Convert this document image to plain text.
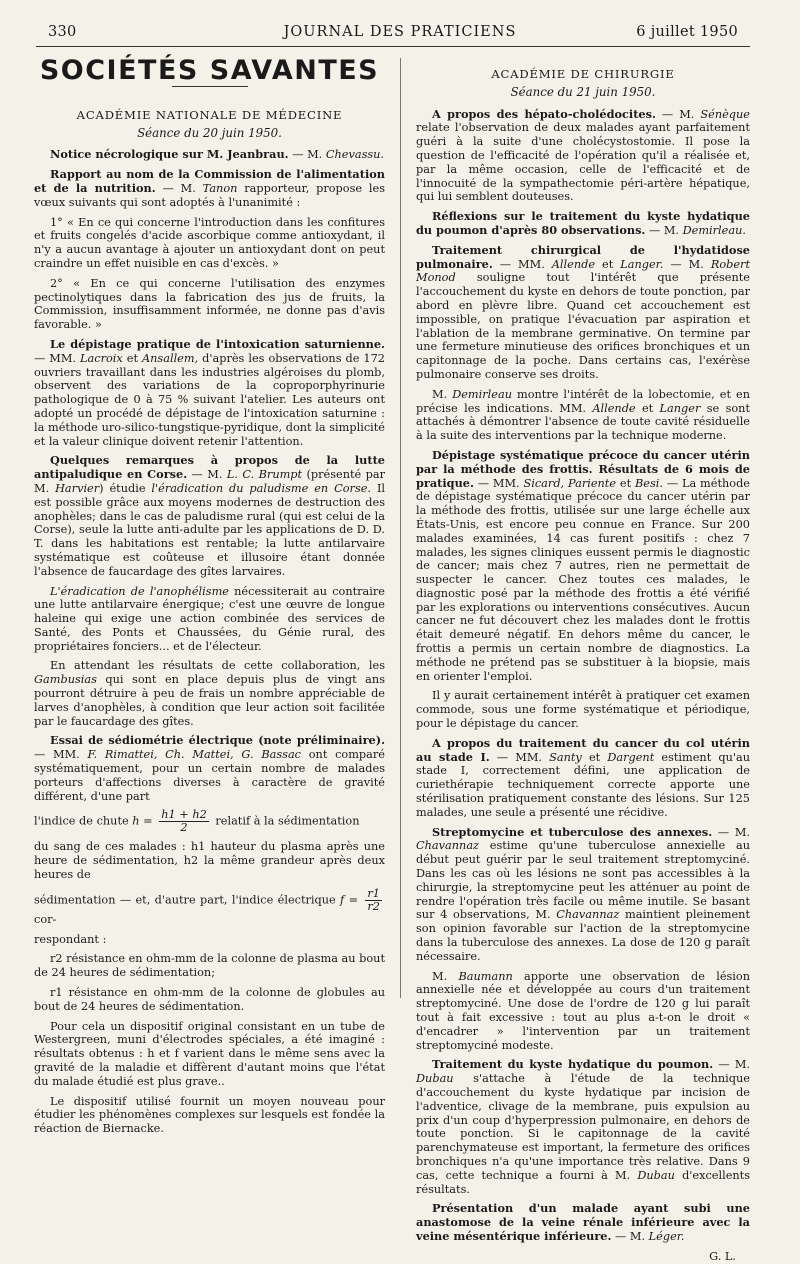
330	JOURNAL DES PRATICIENS	6 juillet 1950
SOCIÉTÉS SAVANTES
ACADÉMIE NATIONALE DE MÉDECINE
Séance du 20 juin 1950.

Notice nécrologique sur M. Jeanbrau. — M. Chevassu.

Rapport au nom de la Commission de l'alimentation et de la nutrition. — M. Tanon rapporteur, propose les vœux suivants qui sont adoptés à l'unanimité :

1° « En ce qui concerne l'introduction dans les confitures et fruits congelés d'acide ascorbique comme antioxydant, il n'y a aucun avantage à ajouter un antioxydant dont on peut craindre un effet nuisible en cas d'excès. »

2° « En ce qui concerne l'utilisation des enzymes pectinolytiques dans la fabrication des jus de fruits, la Commission, insuffisamment informée, ne donne pas d'avis favorable. »

Le dépistage pratique de l'intoxication saturnienne.— MM. Lacroix et Ansallem, d'après les observations de 172 ouvriers travaillant dans les industries algéroises du plomb, observent des variations de la coproporphyrinurie pathologique de 0 à 75 % suivant l'atelier. Les auteurs ont adopté un procédé de dépistage de l'intoxication saturnine : la méthode uro-silico-tungstique-pyridique, dont la simplicité et la valeur clinique doivent retenir l'attention.

Quelques remarques à propos de la lutte antipaludique en Corse. — M. L. C. Brumpt (présenté par M. Harvier) étudie l'éradication du paludisme en Corse. Il est possible grâce aux moyens modernes de destruction des anophèles; dans le cas de paludisme rural (qui est celui de la Corse), seule la lutte anti-adulte par les applications de D. D. T. dans les habitations est rentable; la lutte antilarvaire systématique est coûteuse et illusoire étant donnée l'absence de faucardage des gîtes larvaires.

L'éradication de l'anophélisme nécessiterait au contraire une lutte antilarvaire énergique; c'est une œuvre de longue haleine qui exige une action combinée des services de Santé, des Ponts et Chaussées, du Génie rural, des propriétaires fonciers... et de l'électeur.

En attendant les résultats de cette collaboration, les Gambusias qui sont en place depuis plus de vingt ans pourront détruire à peu de frais un nombre appréciable de larves d'anophèles, à condition que leur action soit facilitée par le faucardage des gîtes.

Essai de sédiométrie électrique (note préliminaire). — MM. F. Rimattei, Ch. Mattei, G. Bassac ont comparé systématiquement, pour un certain nombre de malades porteurs d'affections diverses à caractère de gravité différent, d'une part

l'indice de chute $h = \frac{h1 + h2}{2}$ relatif à la sédimentation

du sang de ces malades : h1 hauteur du plasma après une heure de sédimentation, h2 la même grandeur après deux heures de

sédimentation — et, d'autre part, l'indice électrique $f = \frac{r1}{r2}$
cor-

respondant :

r2 résistance en ohm-mm de la colonne de plasma au bout de 24 heures de sédimentation;

r1 résistance en ohm-mm de la colonne de globules au bout de 24 heures de sédimentation.

Pour cela un dispositif original consistant en un tube de Westergreen, muni d'électrodes spéciales, a été imaginé : résultats obtenus : h et f varient dans le même sens avec la gravité de la maladie et diffèrent d'autant moins que l'état du malade étudié est plus grave..

Le dispositif utilisé fournit un moyen nouveau pour étudier les phénomènes complexes sur lesquels est fondée la réaction de Biernacke.

ACADÉMIE DE CHIRURGIE
Séance du 21 juin 1950.

A propos des hépato-cholédocites. — M. Sénèque relate l'observation de deux malades ayant parfaitement guéri à la suite d'une cholécystostomie. Il pose la question de l'efficacité de l'opération qu'il a réalisée et, par la même occasion, celle de l'efficacité et de l'innocuité de la sympathectomie péri-artère hépatique, qui lui semblent douteuses.

Réflexions sur le traitement du kyste hydatique du poumon d'après 80 observations. — M. Demirleau.

Traitement chirurgical de l'hydatidose pulmonaire. — MM. Allende et Langer. — M. Robert Monod souligne tout l'intérêt que présente l'accouchement du kyste en dehors de toute ponction, par abord en plèvre libre. Quand cet accouchement est impossible, on pratique l'évacuation par aspiration et l'ablation de la membrane germinative. On termine par une fermeture minutieuse des orifices bronchiques et un capitonnage de la poche. Dans certains cas, l'exérèse pulmonaire conserve ses droits.

M. Demirleau montre l'intérêt de la lobectomie, et en précise les indications. MM. Allende et Langer se sont attachés à démontrer l'absence de toute cavité résiduelle à la suite des interventions par la technique moderne.

Dépistage systématique précoce du cancer utérin par la méthode des frottis. Résultats de 6 mois de pratique. — MM. Sicard, Pariente et Besi. — La méthode de dépistage systématique précoce du cancer utérin par la méthode des frottis, utilisée sur une large échelle aux États-Unis, est encore peu connue en France. Sur 200 malades examinées, 14 cas furent positifs : chez 7 malades, les signes cliniques eussent permis le diagnostic de cancer; mais chez 7 autres, rien ne permettait de suspecter le cancer. Chez toutes ces malades, le diagnostic posé par la méthode des frottis a été vérifié par les explorations ou interventions consécutives. Aucun cancer ne fut découvert chez les malades dont le frottis était demeuré négatif. En dehors même du cancer, le frottis a permis un certain nombre de diagnostics. La méthode ne prétend pas se substituer à la biopsie, mais en orienter l'emploi.

Il y aurait certainement intérêt à pratiquer cet examen commode, sous une forme systématique et périodique, pour le dépistage du cancer.

A propos du traitement du cancer du col utérin au stade I. — MM. Santy et Dargent estiment qu'au stade I, correctement défini, une application de curiethérapie techniquement correcte apporte une stérilisation pratiquement constante des lésions. Sur 125 malades, une seule a présenté une récidive.

Streptomycine et tuberculose des annexes. — M. Chavannaz estime qu'une tuberculose annexielle au début peut guérir par le seul traitement streptomyciné. Dans les cas où les lésions ne sont pas accessibles à la chirurgie, la streptomycine peut les atténuer au point de rendre l'opération très facile ou même inutile. Se basant sur 4 observations, M. Chavannaz maintient pleinement son opinion favorable sur l'action de la streptomycine dans la tuberculose des annexes. La dose de 120 g paraît nécessaire.

M. Baumann apporte une observation de lésion annexielle née et développée au cours d'un traitement streptomyciné. Une dose de l'ordre de 120 g lui paraît tout à fait excessive : tout au plus a-t-on le droit « d'encadrer » l'intervention par un traitement streptomyciné modeste.

Traitement du kyste hydatique du poumon. — M. Dubau s'attache à l'étude de la technique d'accouchement du kyste hydatique par incision de l'adventice, clivage de la membrane, puis expulsion au prix d'un coup d'hyperpression pulmonaire, en dehors de toute ponction. Si le capitonnage de la cavité parenchymateuse est important, la fermeture des orifices bronchiques n'a qu'une importance très relative. Dans 9 cas, cette technique a fourni à M. Dubau d'excellents résultats.

Présentation d'un malade ayant subi une anastomose de la veine rénale inférieure avec la veine mésentérique inférieure. — M. Léger.

G. L.
